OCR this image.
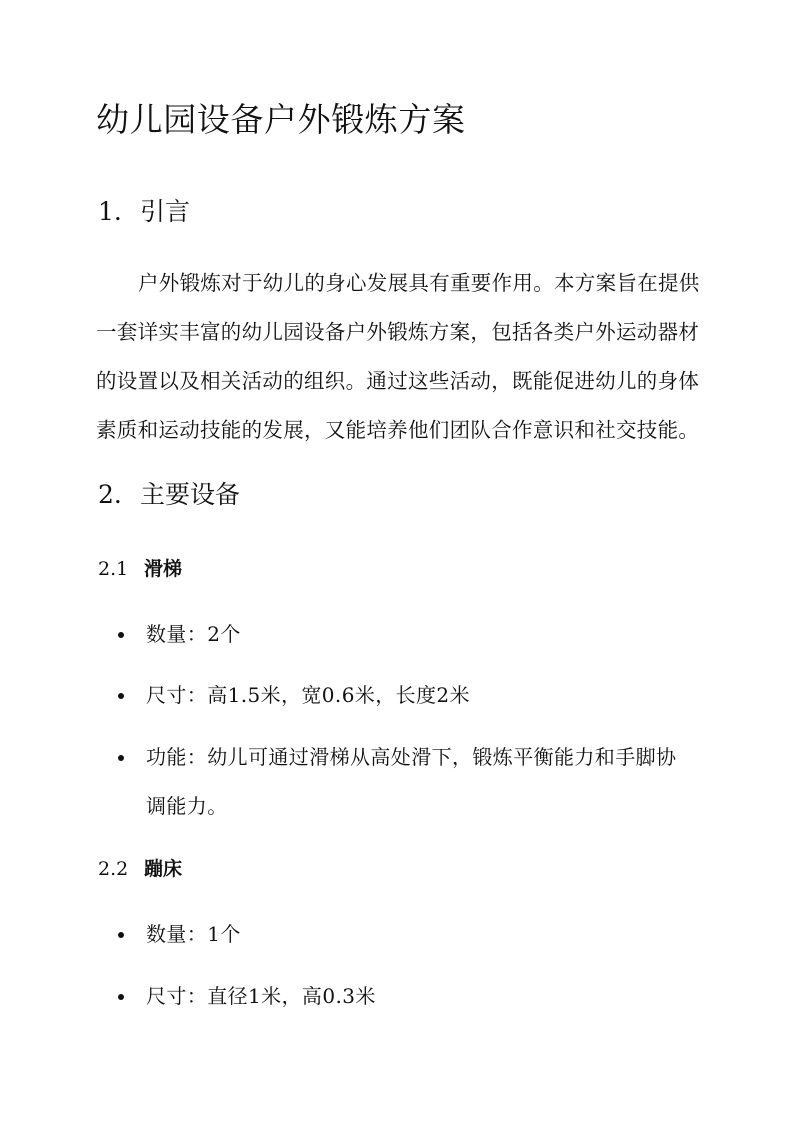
幼儿园设备户外锻炼方案
1. 引言
户外锻炼对于幼儿的身心发展具有重要作用。本方案旨在提供
一套详实丰富的幼儿园设备户外锻炼方案，包括各类户外运动器材
的设置以及相关活动的组织。通过这些活动，既能促进幼儿的身体
素质和运动技能的发展，又能培养他们团队合作意识和社交技能。
2. 主要设备
2.1 滑梯
数量：2个
尺寸：高1.5米，宽0.6米，长度2米
功能：幼儿可通过滑梯从高处滑下，锻炼平衡能力和手脚协
调能力。
2.2 蹦床
数量：1个
尺寸：直径1米，高0.3米
